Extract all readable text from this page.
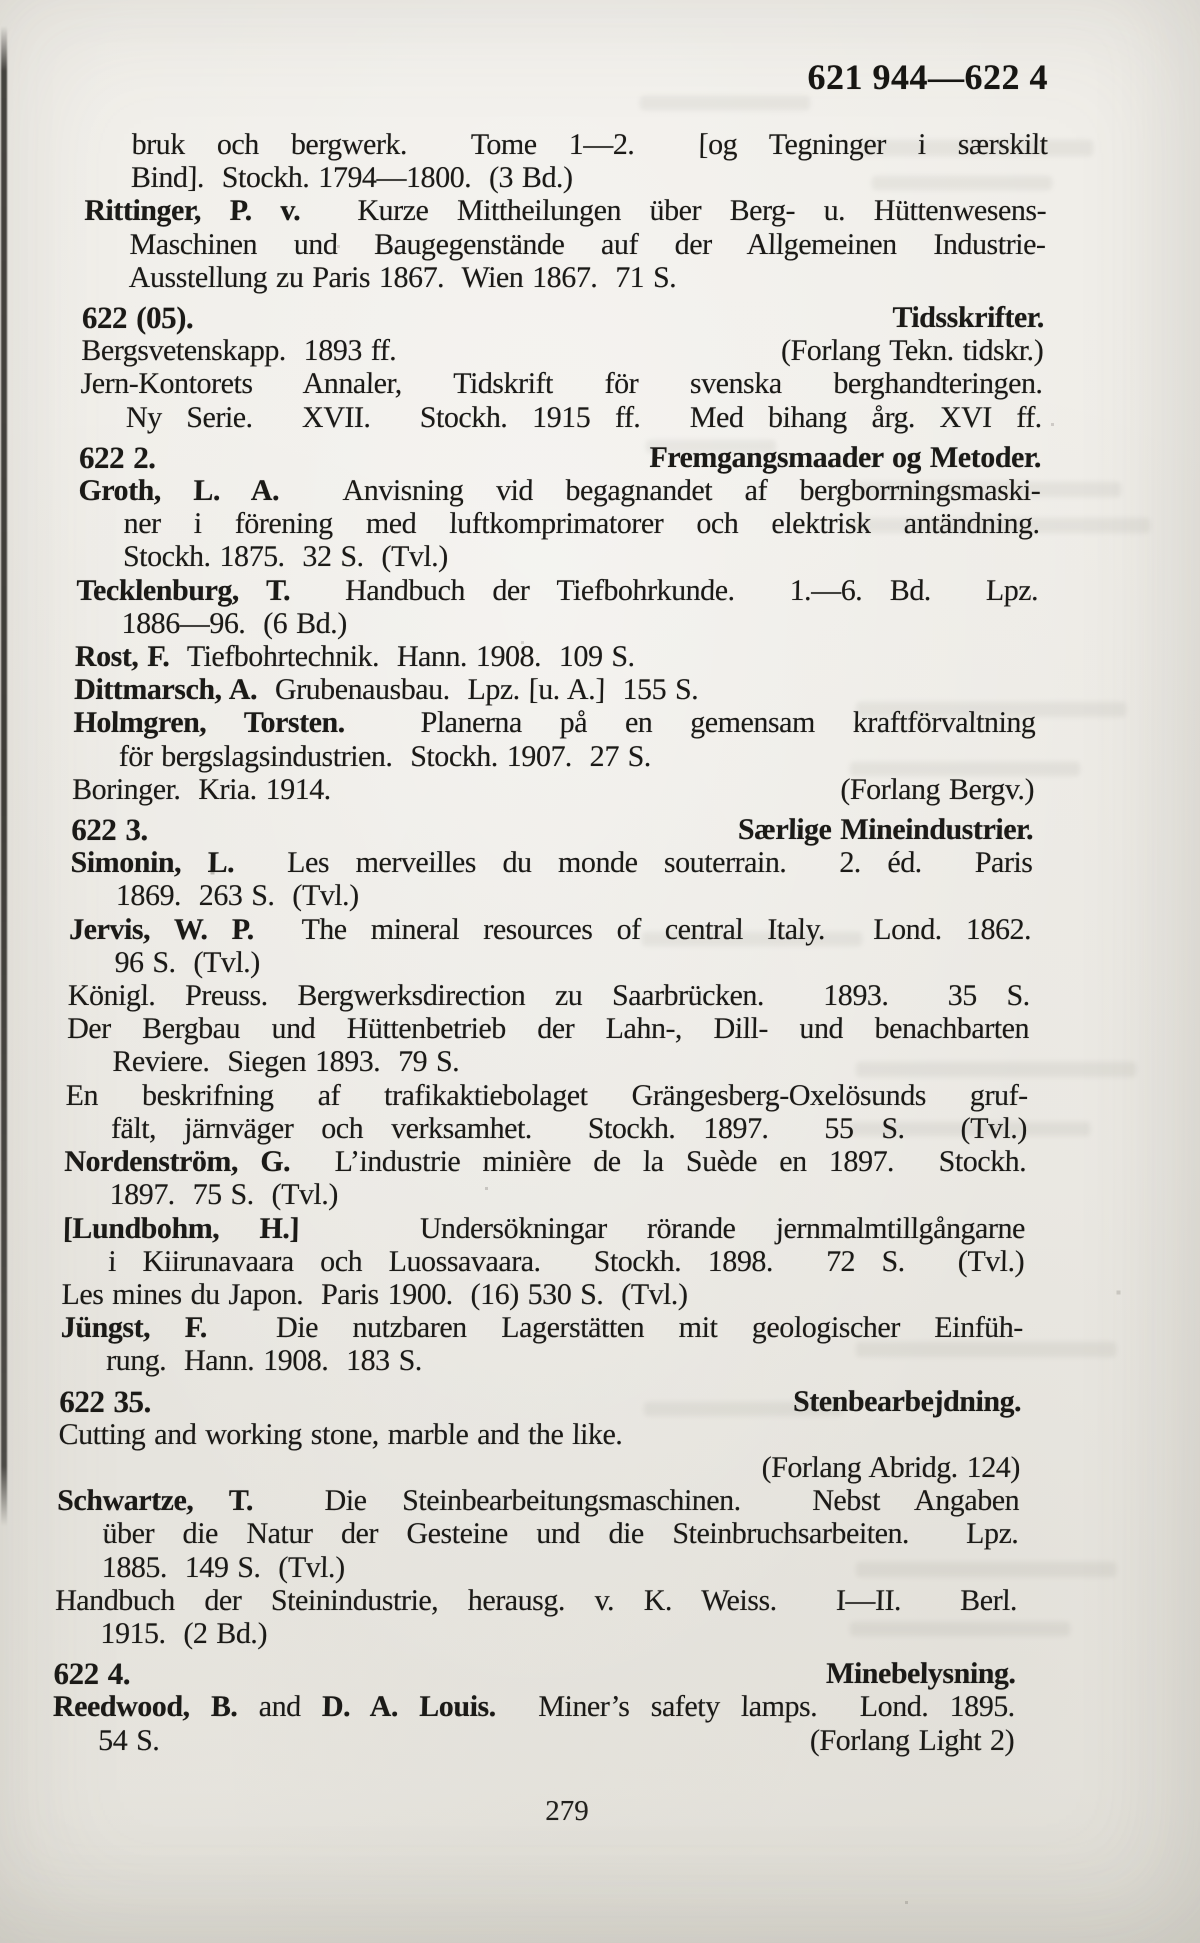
621 944—622 4
bruk och bergwerk.  Tome 1—2.  [og Tegninger i særskilt
Bind].  Stockh. 1794—1800.  (3 Bd.)
Rittinger, P. v.  Kurze Mittheilungen über Berg- u. Hüttenwesens-
Maschinen und Baugegenstände auf der Allgemeinen Industrie-
Ausstellung zu Paris 1867.  Wien 1867.  71 S.
622 (05).	Tidsskrifter.
Bergsvetenskapp.  1893 ff.	(Forlang Tekn. tidskr.)
Jern-Kontorets Annaler, Tidskrift för svenska berghandteringen.
Ny Serie.  XVII.  Stockh. 1915 ff.  Med bihang årg. XVI ff.
622 2.	Fremgangsmaader og Metoder.
Groth, L. A.  Anvisning vid begagnandet af bergborrningsmaski-
ner i förening med luftkomprimatorer och elektrisk antändning.
Stockh. 1875.  32 S.  (Tvl.)
Tecklenburg, T.  Handbuch der Tiefbohrkunde.  1.—6. Bd.  Lpz.
1886—96.  (6 Bd.)
Rost, F.  Tiefbohrtechnik.  Hann. 1908.  109 S.
Dittmarsch, A.  Grubenausbau.  Lpz. [u. A.]  155 S.
Holmgren, Torsten.  Planerna på en gemensam kraftförvaltning
för bergslagsindustrien.  Stockh. 1907.  27 S.
Boringer.  Kria. 1914.	(Forlang Bergv.)
622 3.	Særlige Mineindustrier.
Simonin, L.  Les merveilles du monde souterrain.  2. éd.  Paris
1869.  263 S.  (Tvl.)
Jervis, W. P.  The mineral resources of central Italy.  Lond. 1862.
96 S.  (Tvl.)
Königl. Preuss. Bergwerksdirection zu Saarbrücken.  1893.  35 S.
Der Bergbau und Hüttenbetrieb der Lahn-, Dill- und benachbarten
Reviere.  Siegen 1893.  79 S.
En beskrifning af trafikaktiebolaget Grängesberg-Oxelösunds gruf-
fält, järnväger och verksamhet.  Stockh. 1897.  55 S.  (Tvl.)
Nordenström, G.  L’industrie minière de la Suède en 1897.  Stockh.
1897.  75 S.  (Tvl.)
[Lundbohm, H.]   Undersökningar rörande jernmalmtillgångarne
i Kiirunavaara och Luossavaara.  Stockh. 1898.  72 S.  (Tvl.)
Les mines du Japon.  Paris 1900.  (16) 530 S.  (Tvl.)
Jüngst, F.  Die nutzbaren Lagerstätten mit geologischer Einfüh-
rung.  Hann. 1908.  183 S.
622 35.	Stenbearbejdning.
Cutting and working stone, marble and the like.
(Forlang Abridg. 124)
Schwartze, T.  Die Steinbearbeitungsmaschinen.  Nebst Angaben
über die Natur der Gesteine und die Steinbruchsarbeiten.  Lpz.
1885.  149 S.  (Tvl.)
Handbuch der Steinindustrie, herausg. v. K. Weiss.  I—II.  Berl.
1915.  (2 Bd.)
622 4.	Minebelysning.
Reedwood, B. and D. A. Louis.  Miner’s safety lamps.  Lond. 1895.
54 S.	(Forlang Light 2)
279
